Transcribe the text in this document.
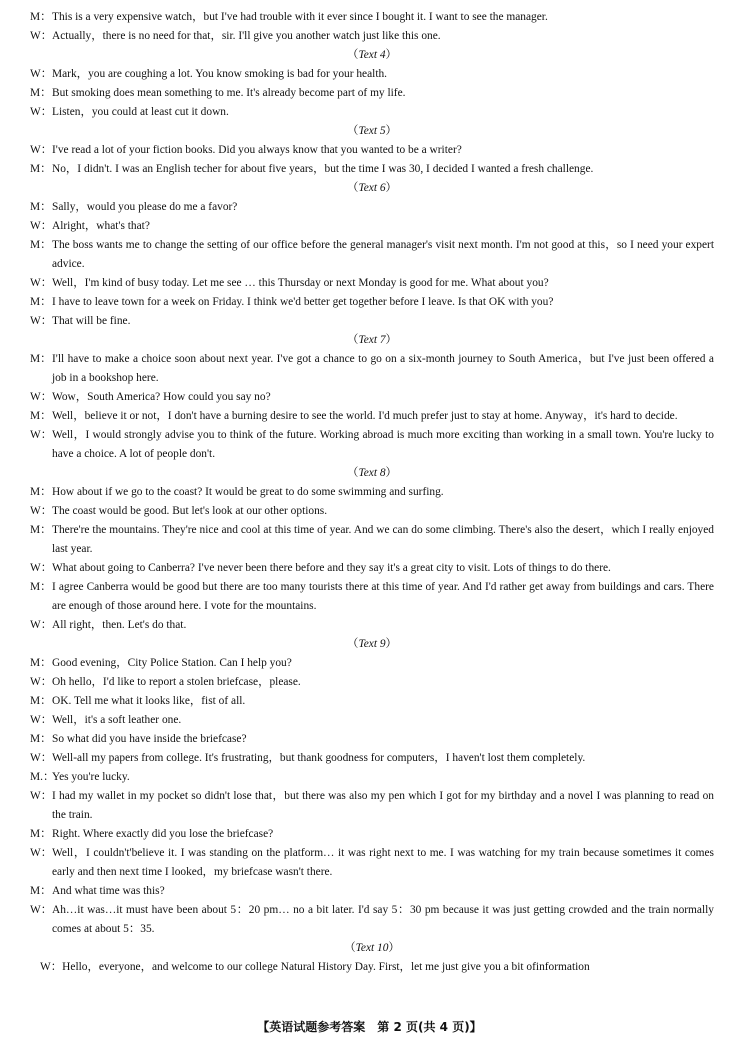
M：This is a very expensive watch，but I've had trouble with it ever since I bought it. I want to see the manager.
W：Actually，there is no need for that，sir. I'll give you another watch just like this one.
（Text 4）
W：Mark，you are coughing a lot. You know smoking is bad for your health.
M：But smoking does mean something to me. It's already become part of my life.
W：Listen，you could at least cut it down.
（Text 5）
W：I've read a lot of your fiction books. Did you always know that you wanted to be a writer?
M：No，I didn't. I was an English techer for about five years，but the time I was 30, I decided I wanted a fresh challenge.
（Text 6）
M：Sally，would you please do me a favor?
W：Alright，what's that?
M：The boss wants me to change the setting of our office before the general manager's visit next month. I'm not good at this，so I need your expert advice.
W：Well，I'm kind of busy today. Let me see … this Thursday or next Monday is good for me. What about you?
M：I have to leave town for a week on Friday. I think we'd better get together before I leave. Is that OK with you?
W：That will be fine.
（Text 7）
M：I'll have to make a choice soon about next year. I've got a chance to go on a six-month journey to South America，but I've just been offered a job in a bookshop here.
W：Wow，South America? How could you say no?
M：Well，believe it or not，I don't have a burning desire to see the world. I'd much prefer just to stay at home. Anyway，it's hard to decide.
W：Well，I would strongly advise you to think of the future. Working abroad is much more exciting than working in a small town. You're lucky to have a choice. A lot of people don't.
（Text 8）
M：How about if we go to the coast? It would be great to do some swimming and surfing.
W：The coast would be good. But let's look at our other options.
M：There're the mountains. They're nice and cool at this time of year. And we can do some climbing. There's also the desert，which I really enjoyed last year.
W：What about going to Canberra? I've never been there before and they say it's a great city to visit. Lots of things to do there.
M：I agree Canberra would be good but there are too many tourists there at this time of year. And I'd rather get away from buildings and cars. There are enough of those around here. I vote for the mountains.
W：All right，then. Let's do that.
（Text 9）
M：Good evening，City Police Station. Can I help you?
W：Oh hello，I'd like to report a stolen briefcase，please.
M：OK. Tell me what it looks like，fist of all.
W：Well，it's a soft leather one.
M：So what did you have inside the briefcase?
W：Well-all my papers from college. It's frustrating，but thank goodness for computers，I haven't lost them completely.
M.：Yes you're lucky.
W：I had my wallet in my pocket so didn't lose that，but there was also my pen which I got for my birthday and a novel I was planning to read on the train.
M：Right. Where exactly did you lose the briefcase?
W：Well，I couldn't'believe it. I was standing on the platform… it was right next to me. I was watching for my train because sometimes it comes early and then next time I looked，my briefcase wasn't there.
M：And what time was this?
W：Ah…it was…it must have been about 5：20 pm… no a bit later. I'd say 5：30 pm because it was just getting crowded and the train normally comes at about 5：35.
（Text 10）
W：Hello，everyone，and welcome to our college Natural History Day. First，let me just give you a bit ofinformation
【英语试题参考答案　第 2 页(共 4 页)】
